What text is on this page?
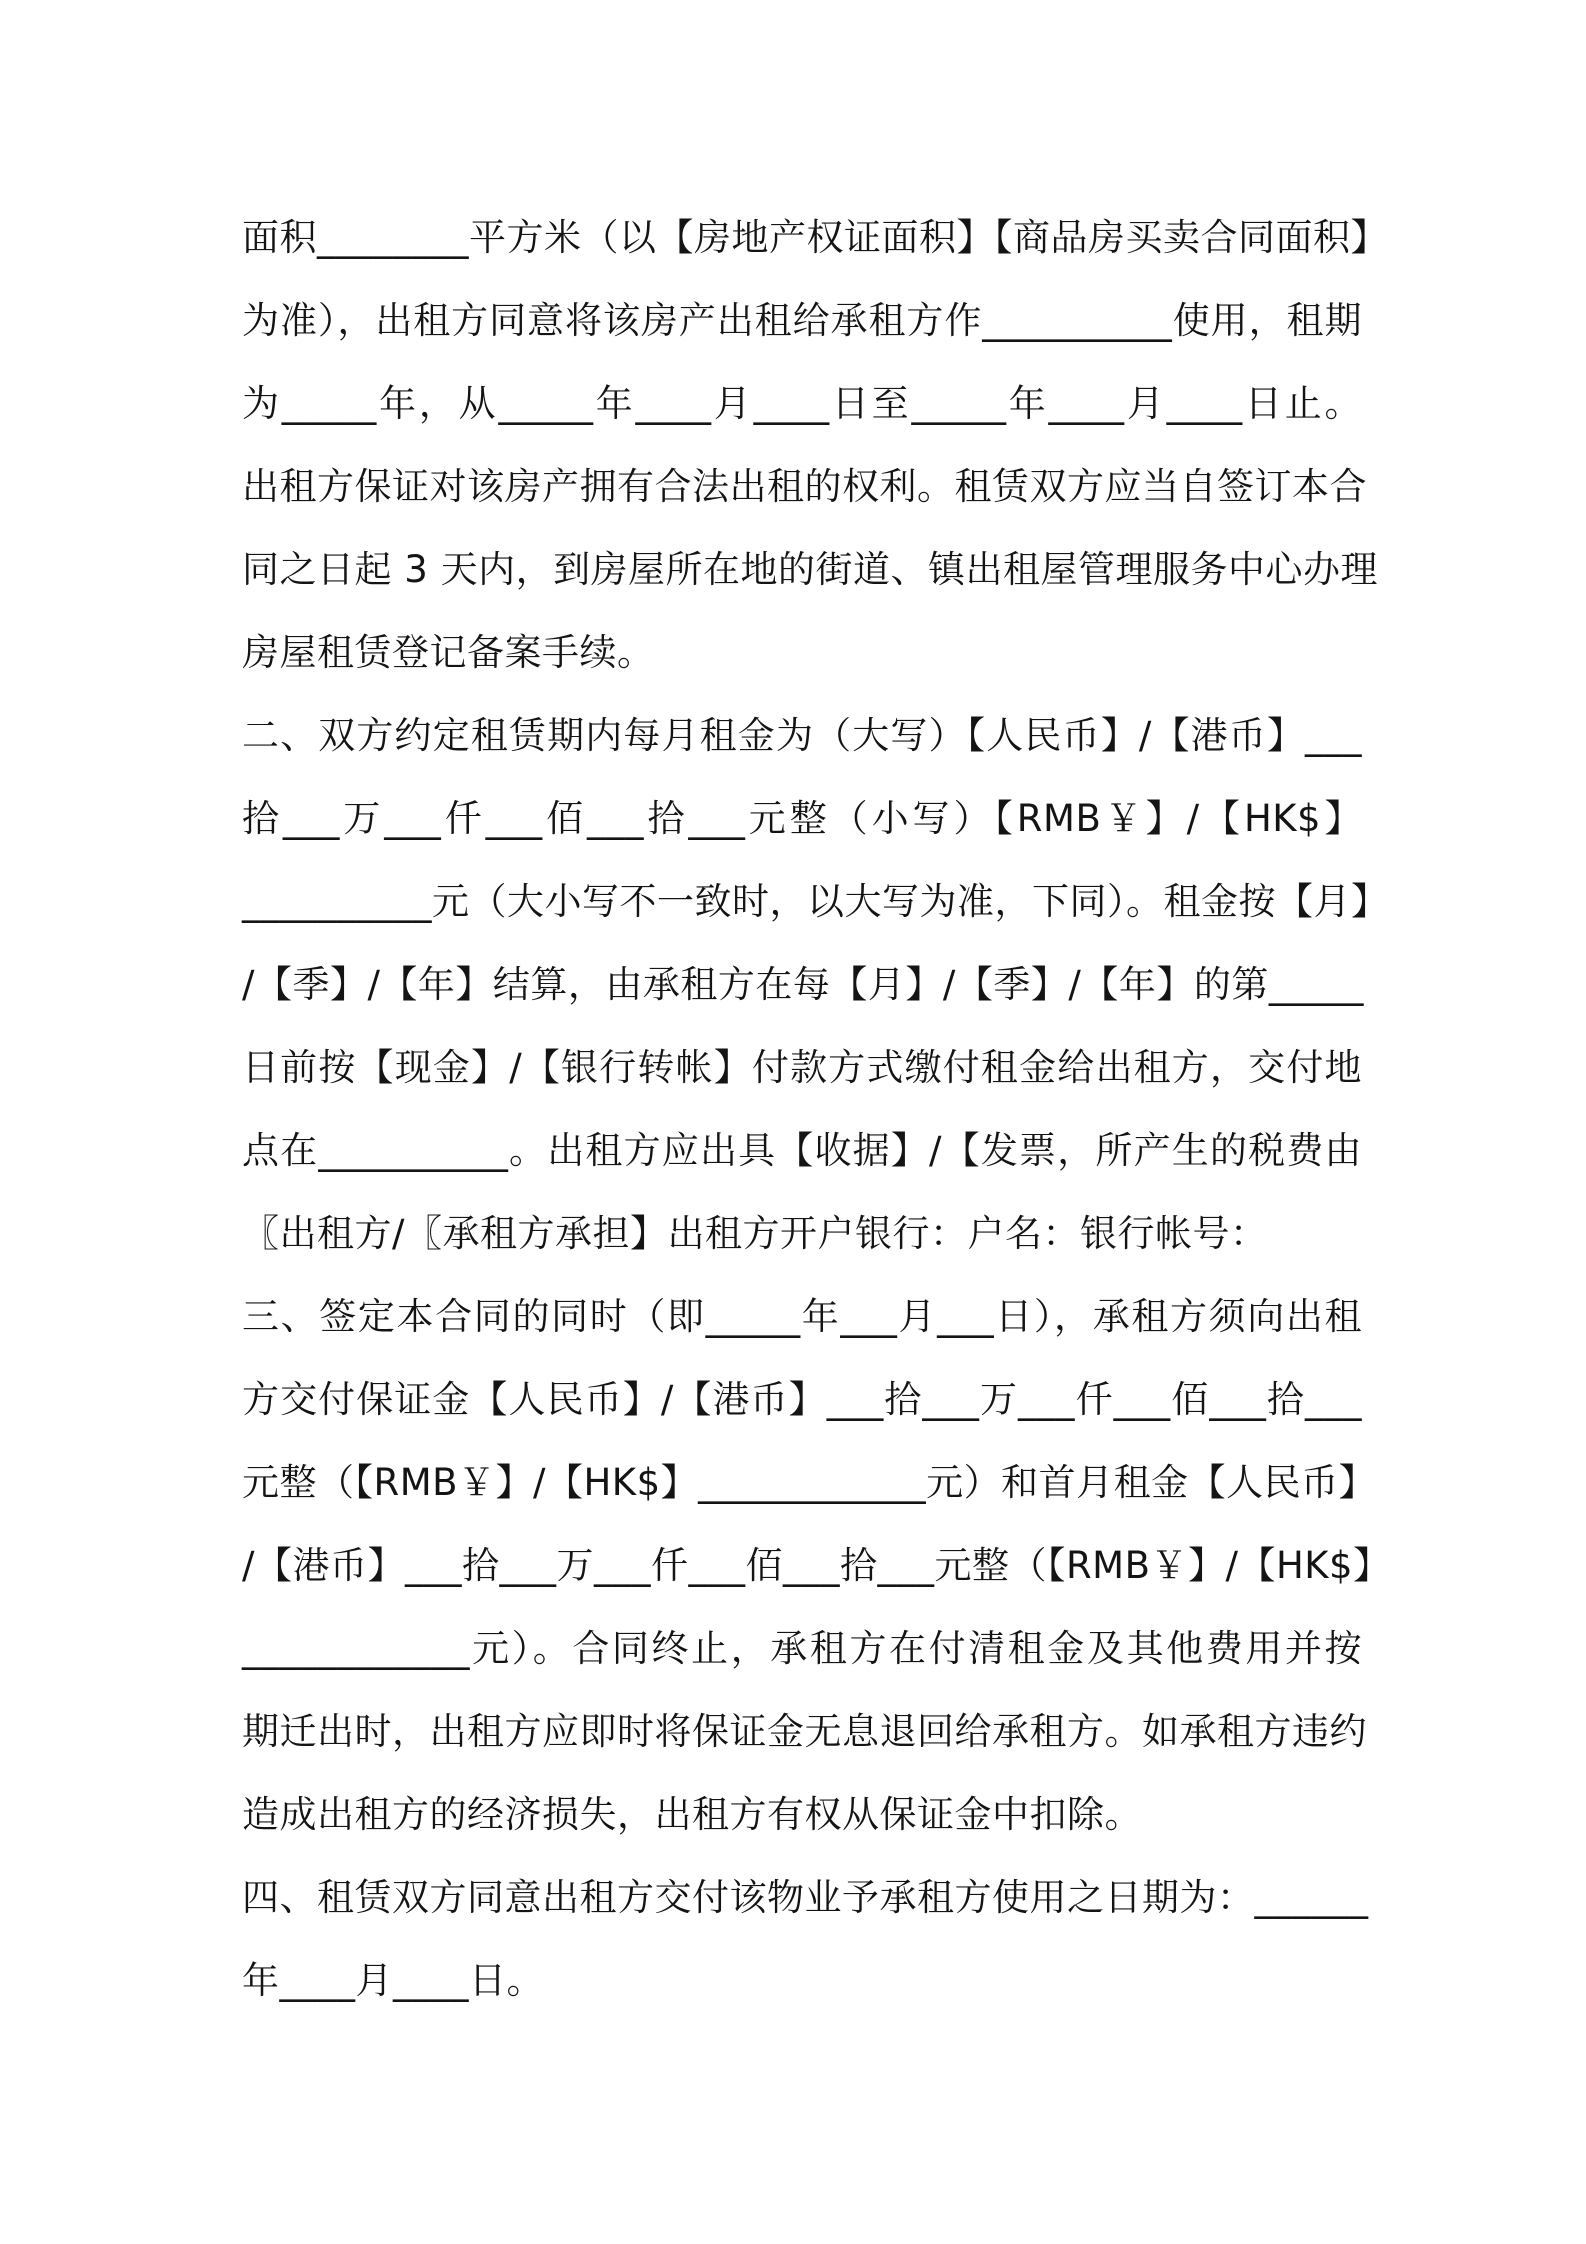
面积________平方米（以【房地产权证面积】【商品房买卖合同面积】
为准），出租方同意将该房产出租给承租方作__________使用，租期
为_____年，从_____年____月____日至_____年____月____日止。
出租方保证对该房产拥有合法出租的权利。租赁双方应当自签订本合
同之日起 3 天内，到房屋所在地的街道、镇出租屋管理服务中心办理
房屋租赁登记备案手续。
二、双方约定租赁期内每月租金为（大写）【人民币】/【港币】___
拾___万___仟___佰___拾___元整（小写）【RMB￥】/【HK$】
__________元（大小写不一致时，以大写为准，下同）。租金按【月】
/【季】/【年】结算，由承租方在每【月】/【季】/【年】的第_____
日前按【现金】/【银行转帐】付款方式缴付租金给出租方，交付地
点在__________。出租方应出具【收据】/【发票，所产生的税费由
〖出租方/〖承租方承担】出租方开户银行：户名：银行帐号：
三、签定本合同的同时（即_____年___月___日），承租方须向出租
方交付保证金【人民币】/【港币】___拾___万___仟___佰___拾___
元整（【RMB￥】/【HK$】____________元）和首月租金【人民币】
/【港币】___拾___万___仟___佰___拾___元整（【RMB￥】/【HK$】
____________元）。合同终止，承租方在付清租金及其他费用并按
期迁出时，出租方应即时将保证金无息退回给承租方。如承租方违约
造成出租方的经济损失，出租方有权从保证金中扣除。
四、租赁双方同意出租方交付该物业予承租方使用之日期为：______
年____月____日。
